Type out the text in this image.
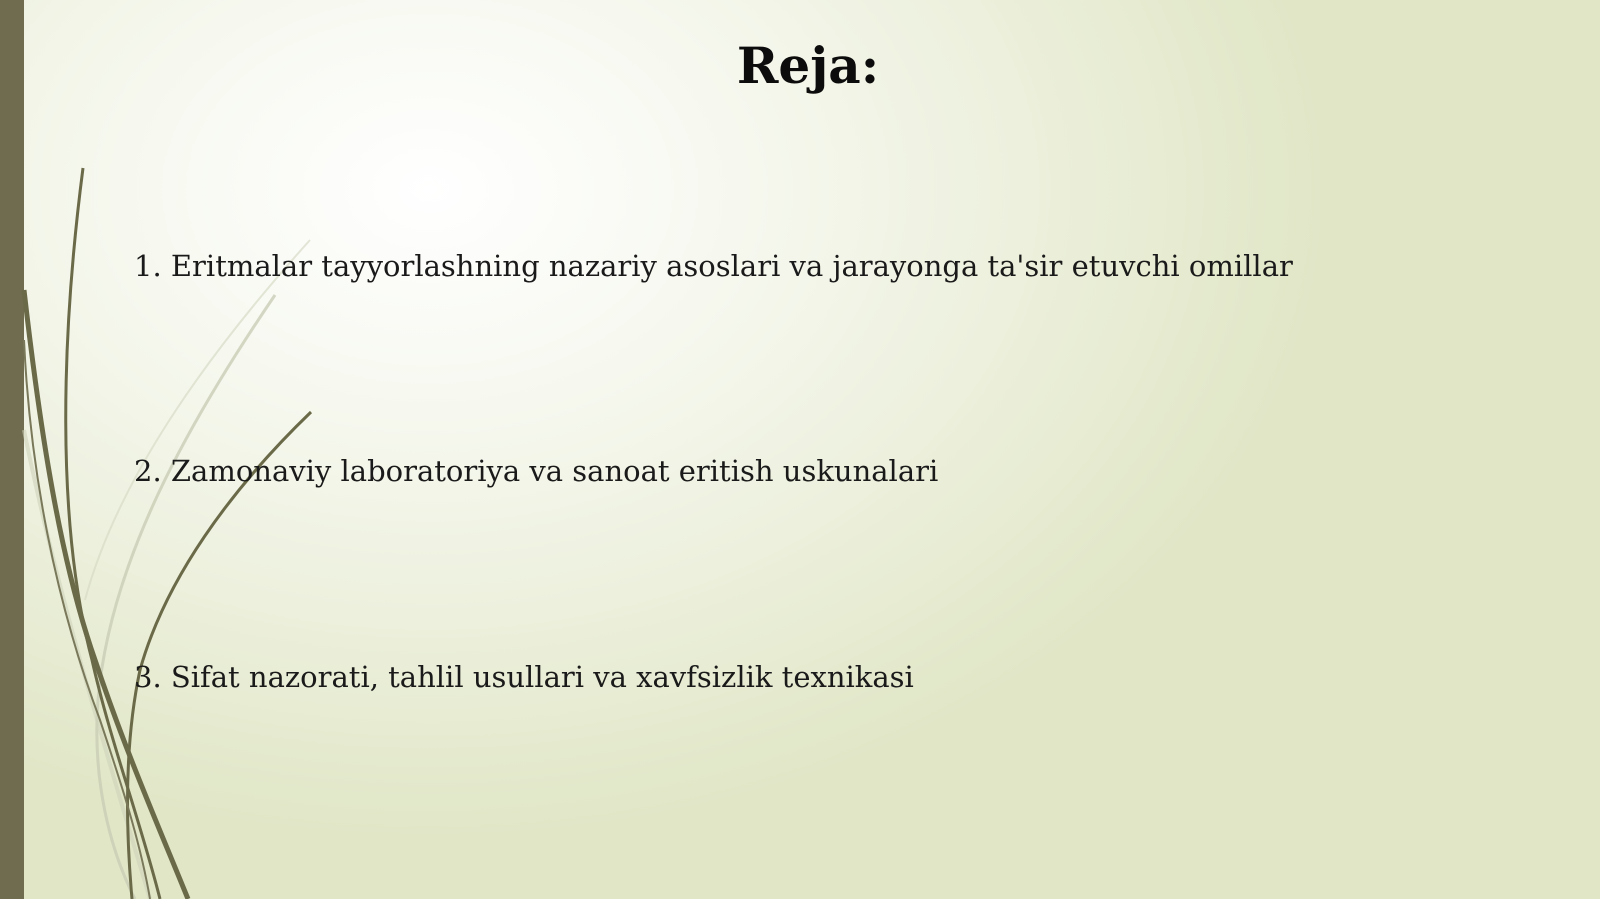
Reja:
1. Eritmalar tayyorlashning nazariy asoslari va jarayonga ta'sir etuvchi omillar
2. Zamonaviy laboratoriya va sanoat eritish uskunalari
3. Sifat nazorati, tahlil usullari va xavfsizlik texnikasi
